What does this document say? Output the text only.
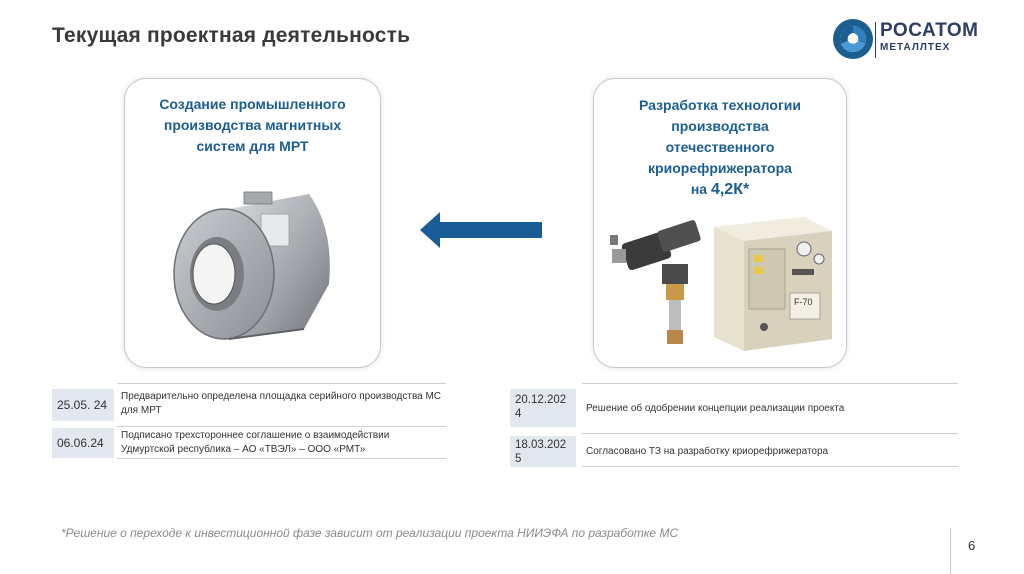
Текущая проектная деятельность	РОСАТОМ
МЕТАЛЛТЕХ
Создание промышленного
производства магнитных
систем для МРТ
Разработка технологии
производства
отечественного
криорефрижератора
на 4,2К*
F-70
25.05. 24
Предварительно определена площадка серийного производства МС для МРТ
06.06.24
Подписано трехстороннее соглашение о взаимодействии Удмуртской республика – АО «ТВЭЛ» – ООО «РМТ»
20.12.2024	Решение об одобрении концепции реализации проекта
18.03.2025
Согласовано ТЗ на разработку криорефрижератора
*Решение о переходе к инвестиционной фазе зависит от реализации проекта НИИЭФА по разработке МС
6
